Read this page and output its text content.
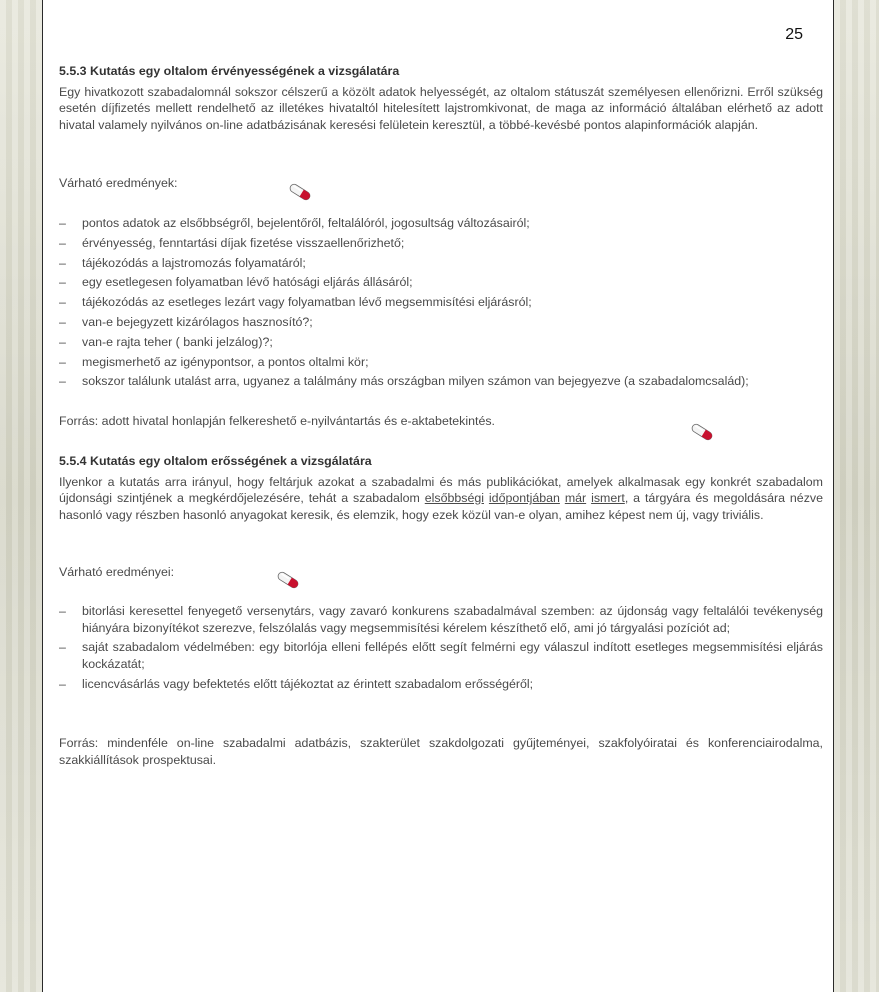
25
5.5.3 Kutatás egy oltalom érvényességének a vizsgálatára

Egy hivatkozott szabadalomnál sokszor célszerű a közölt adatok helyességét, az oltalom státuszát személyesen ellenőrizni. Erről szükség esetén díjfizetés mellett rendelhető az illetékes hivataltól hitelesített lajstromkivonat, de maga az információ általában elérhető az adott hivatal valamely nyilvános on-line adatbázisának keresési felületein keresztül, a többé-kevésbé pontos alapinformációk alapján.

Várható eredmények:
– pontos adatok az elsőbbségről, bejelentőről, feltalálóról, jogosultság változásairól;
– érvényesség, fenntartási díjak fizetése visszaellenőrizhető;
– tájékozódás a lajstromozás folyamatáról;
– egy esetlegesen folyamatban lévő hatósági eljárás állásáról;
– tájékozódás az esetleges lezárt vagy folyamatban lévő megsemmisítési eljárásról;
– van-e bejegyzett kizárólagos hasznosító?;
– van-e rajta teher ( banki jelzálog)?;
– megismerhető az igénypontsor, a pontos oltalmi kör;
– sokszor találunk utalást arra, ugyanez a találmány más országban milyen számon van bejegyezve (a szabadalomcsalád);

Forrás: adott hivatal honlapján felkereshető e-nyilvántartás és e-aktabetekintés.

5.5.4 Kutatás egy oltalom erősségének a vizsgálatára

Ilyenkor a kutatás arra irányul, hogy feltárjuk azokat a szabadalmi és más publikációkat, amelyek alkalmasak egy konkrét szabadalom újdonsági szintjének a megkérdőjelezésére, tehát a szabadalom elsőbbségi időpontjában már ismert, a tárgyára és megoldására nézve hasonló vagy részben hasonló anyagokat keresik, és elemzik, hogy ezek közül van-e olyan, amihez képest nem új, vagy triviális.

Várható eredményei:
– bitorlási keresettel fenyegető versenytárs, vagy zavaró konkurens szabadalmával szemben: az újdonság vagy feltalálói tevékenység hiányára bizonyítékot szerezve, felszólalás vagy megsemmisítési kérelem készíthető elő, ami jó tárgyalási pozíciót ad;
– saját szabadalom védelmében: egy bitorlója elleni fellépés előtt segít felmérni egy válaszul indított esetleges megsemmisítési eljárás kockázatát;
– licencvásárlás vagy befektetés előtt tájékoztat az érintett szabadalom erősségéről;

Forrás: mindenféle on-line szabadalmi adatbázis, szakterület szakdolgozati gyűjteményei, szakfolyóiratai és konferenciairodalma, szakkiállítások prospektusai.
